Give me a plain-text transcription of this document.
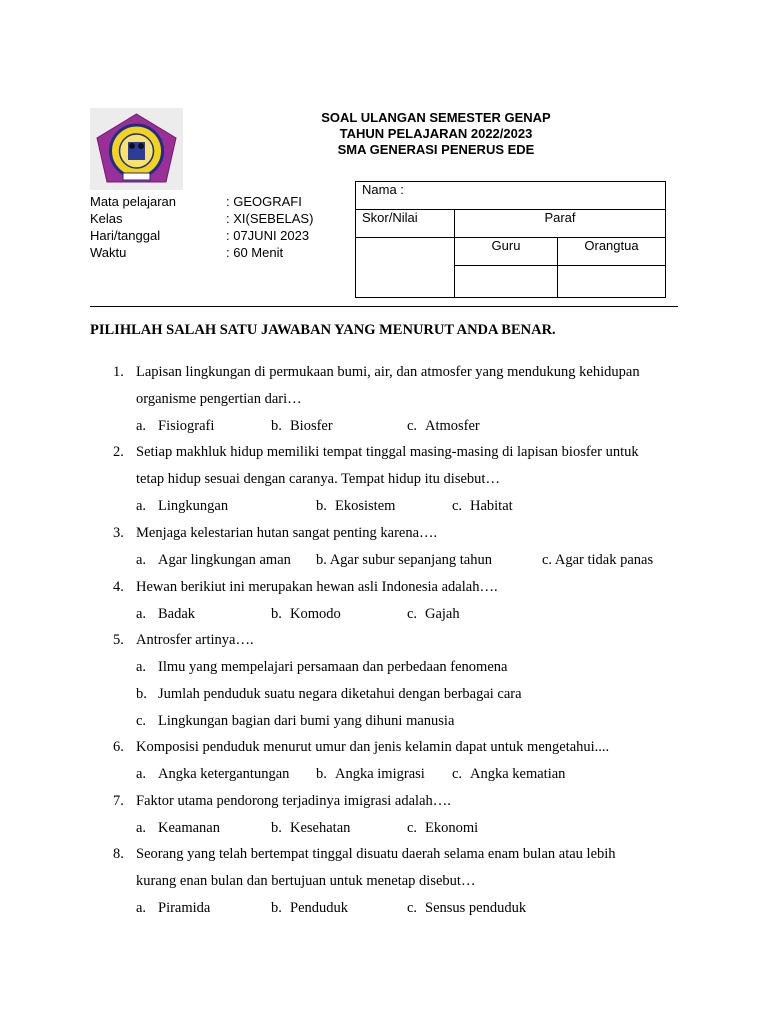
SOAL ULANGAN SEMESTER GENAP
TAHUN PELAJARAN 2022/2023
SMA GENERASI PENERUS EDE
Mata pelajaran	: GEOGRAFI
Kelas	: XI(SEBELAS)
Hari/tanggal	: 07JUNI 2023
Waktu	: 60 Menit
Nama :		
Skor/Nilai	Paraf	
	Guru	Orangtua

PILIHLAH SALAH SATU JAWABAN YANG MENURUT ANDA BENAR.
1. Lapisan lingkungan di permukaan bumi, air, dan atmosfer yang mendukung kehidupan
organisme pengertian dari…
a. Fisiografi	b. Biosfer	c. Atmosfer
2. Setiap makhluk hidup memiliki tempat tinggal masing-masing di lapisan biosfer untuk
tetap hidup sesuai dengan caranya. Tempat hidup itu disebut…
a. Lingkungan	b. Ekosistem	c. Habitat
3. Menjaga kelestarian hutan sangat penting karena….
a. Agar lingkungan aman b. Agar subur sepanjang tahun	c. Agar tidak panas
4. Hewan berikiut ini merupakan hewan asli Indonesia adalah….
a. Badak	b. Komodo	c. Gajah
5. Antrosfer artinya….
a. Ilmu yang mempelajari persamaan dan perbedaan fenomena
b. Jumlah penduduk suatu negara diketahui dengan berbagai cara
c. Lingkungan bagian dari bumi yang dihuni manusia
6. Komposisi penduduk menurut umur dan jenis kelamin dapat untuk mengetahui....
a. Angka ketergantungan b. Angka imigrasi c. Angka kematian
7. Faktor utama pendorong terjadinya imigrasi adalah….
a. Keamanan	b. Kesehatan	c. Ekonomi
8. Seorang yang telah bertempat tinggal disuatu daerah selama enam bulan atau lebih
kurang enan bulan dan bertujuan untuk menetap disebut…
a. Piramida	b. Penduduk	c. Sensus penduduk
